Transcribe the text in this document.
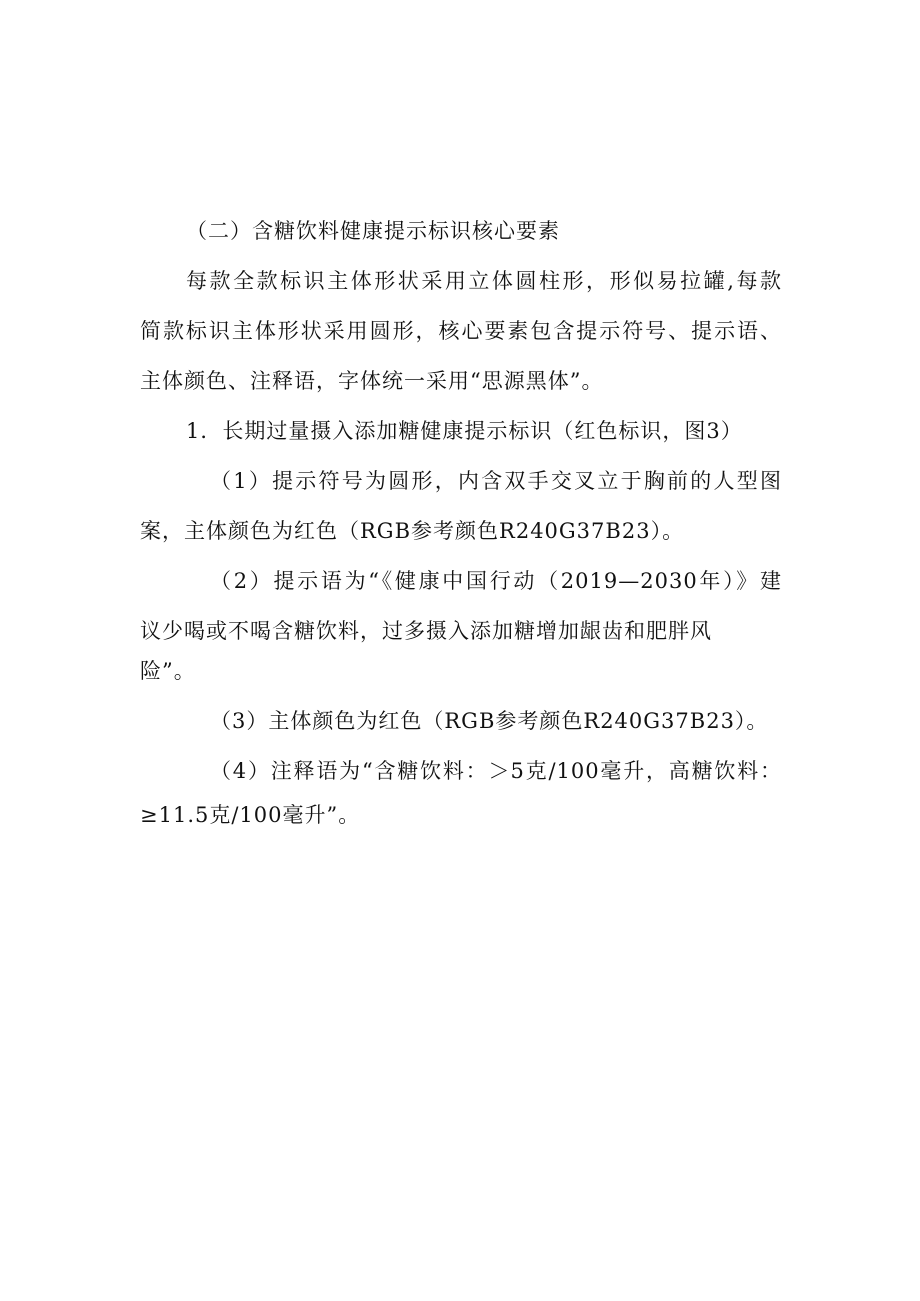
（二）含糖饮料健康提示标识核心要素
每款全款标识主体形状采用立体圆柱形，形似易拉罐,每款
简款标识主体形状采用圆形，核心要素包含提示符号、提示语、
主体颜色、注释语，字体统一采用“思源黑体”。
1．长期过量摄入添加糖健康提示标识（红色标识，图3）
（1）提示符号为圆形，内含双手交叉立于胸前的人型图
案，主体颜色为红色（RGB参考颜色R240G37B23）。
（2）提示语为“《健康中国行动（2019—2030年）》建
议少喝或不喝含糖饮料，过多摄入添加糖增加龈齿和肥胖风
险”。
（3）主体颜色为红色（RGB参考颜色R240G37B23）。
（4）注释语为“含糖饮料：＞5克/100毫升，高糖饮料：
≥11.5克/100毫升”。
